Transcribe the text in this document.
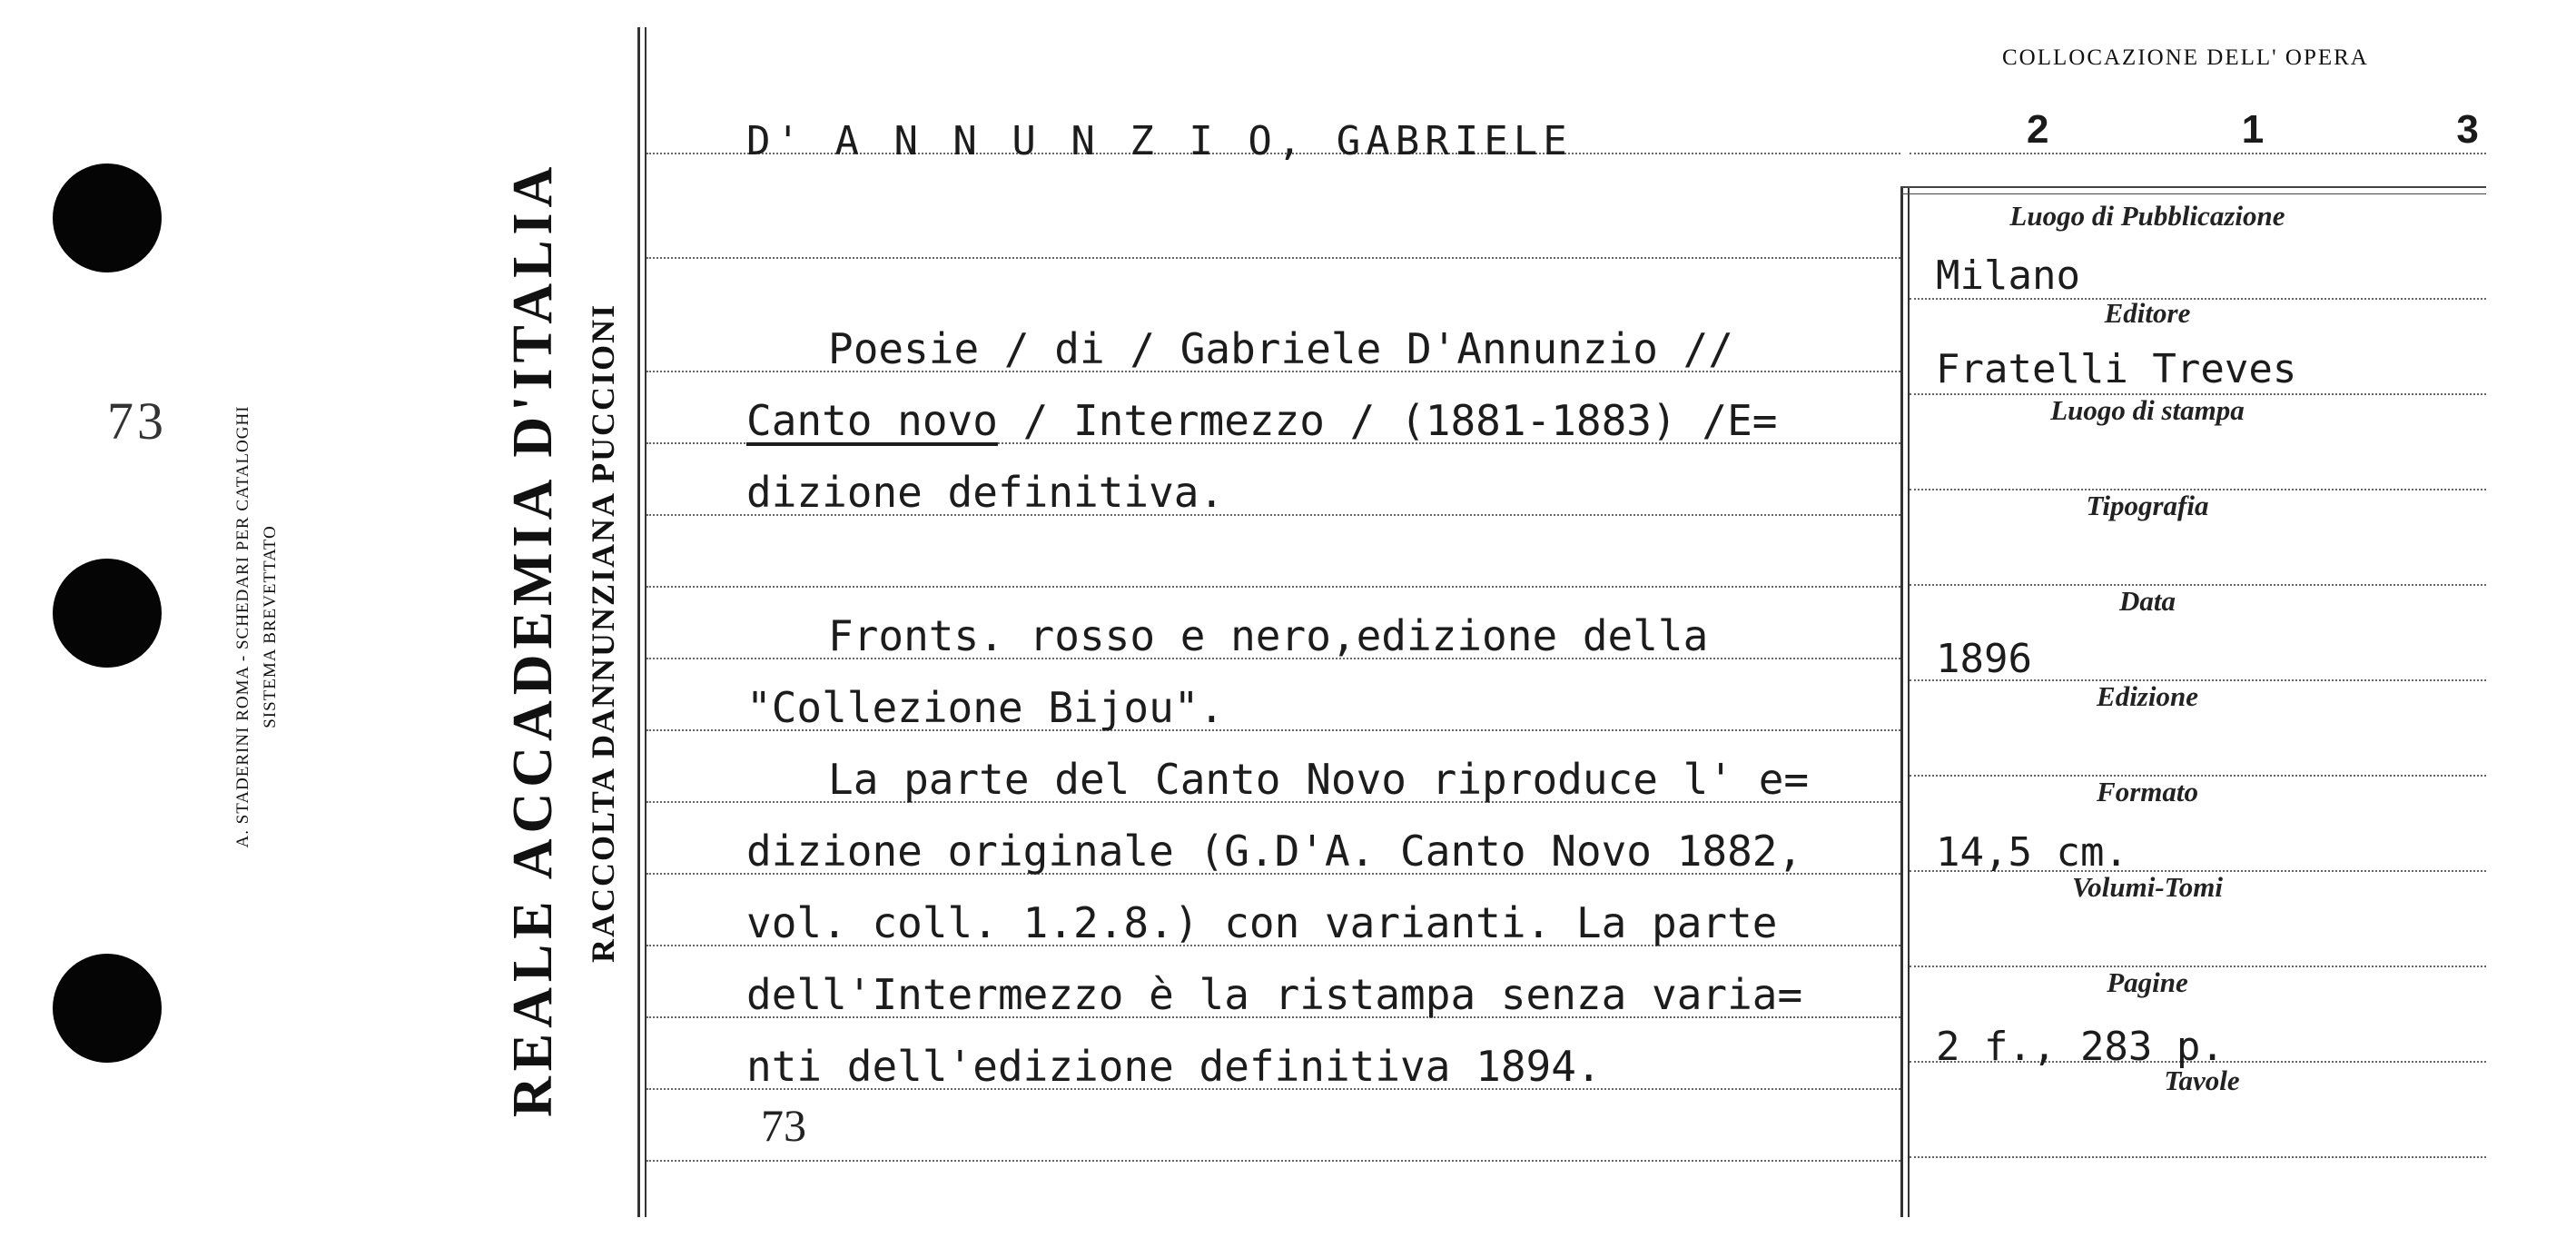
73	A. STADERINI ROMA - SCHEDARI PER CATALOGHI SISTEMA BREVETTATO	REALE ACCADEMIA D'ITALIA RACCOLTA DANNUNZIANA PUCCIONI
D' A N N U N Z I O, GABRIELE
COLLOCAZIONE DELL' OPERA
2 1 3
Poesie / di / Gabriele D'Annunzio //
Canto novo / Intermezzo / (1881-1883) /E=
dizione definitiva.
Fronts. rosso e nero,edizione della
"Collezione Bijou".
La parte del Canto Novo riproduce l' e=
dizione originale (G.D'A. Canto Novo 1882,
vol. coll. 1.2.8.) con varianti. La parte
dell'Intermezzo è la ristampa senza varia=
nti dell'edizione definitiva 1894.
73
Luogo di Pubblicazione
Milano
Editore
Fratelli Treves
Luogo di stampa
Tipografia
Data
1896
Edizione
Formato
14,5 cm.
Volumi-Tomi
Pagine
2 f., 283 p.
Tavole
